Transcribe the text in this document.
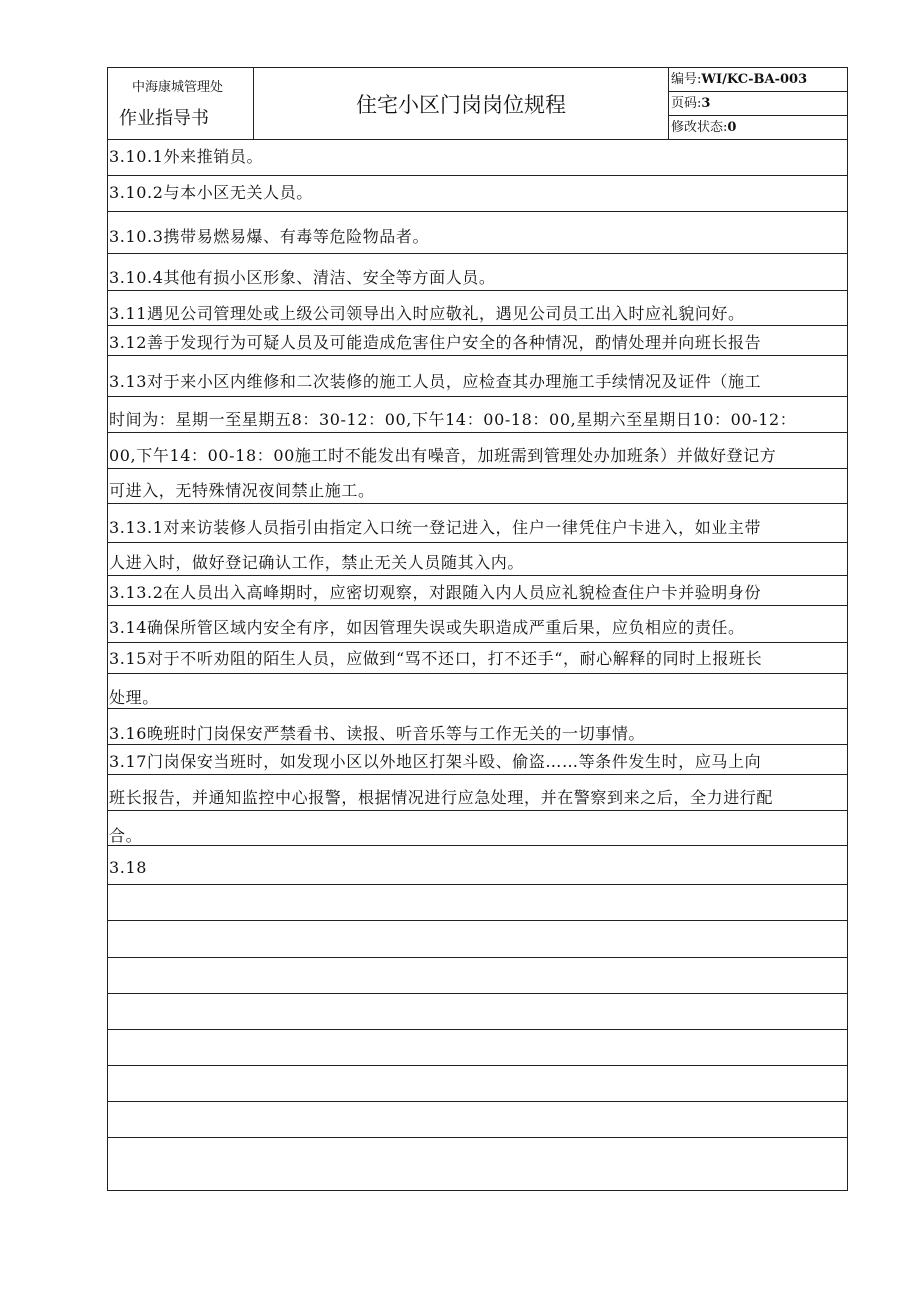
中海康城管理处
作业指导书
住宅小区门岗岗位规程
编号:WI/KC-BA-003
页码:3
修改状态:0
3.10.1外来推销员。
3.10.2与本小区无关人员。
3.10.3携带易燃易爆、有毒等危险物品者。
3.10.4其他有损小区形象、清洁、安全等方面人员。
3.11遇见公司管理处或上级公司领导出入时应敬礼，遇见公司员工出入时应礼貌问好。
3.12善于发现行为可疑人员及可能造成危害住户安全的各种情况，酌情处理并向班长报告
3.13对于来小区内维修和二次装修的施工人员，应检查其办理施工手续情况及证件（施工
时间为：星期一至星期五8：30-12：00,下午14：00-18：00,星期六至星期日10：00-12：
00,下午14：00-18：00施工时不能发出有噪音，加班需到管理处办加班条）并做好登记方
可进入，无特殊情况夜间禁止施工。
3.13.1对来访装修人员指引由指定入口统一登记进入，住户一律凭住户卡进入，如业主带
人进入时，做好登记确认工作，禁止无关人员随其入内。
3.13.2在人员出入高峰期时，应密切观察，对跟随入内人员应礼貌检查住户卡并验明身份
3.14确保所管区域内安全有序，如因管理失误或失职造成严重后果，应负相应的责任。
3.15对于不听劝阻的陌生人员，应做到“骂不还口，打不还手“，耐心解释的同时上报班长
处理。
3.16晚班时门岗保安严禁看书、读报、听音乐等与工作无关的一切事情。
3.17门岗保安当班时，如发现小区以外地区打架斗殴、偷盗……等条件发生时，应马上向
班长报告，并通知监控中心报警，根据情况进行应急处理，并在警察到来之后，全力进行配
合。
3.18
